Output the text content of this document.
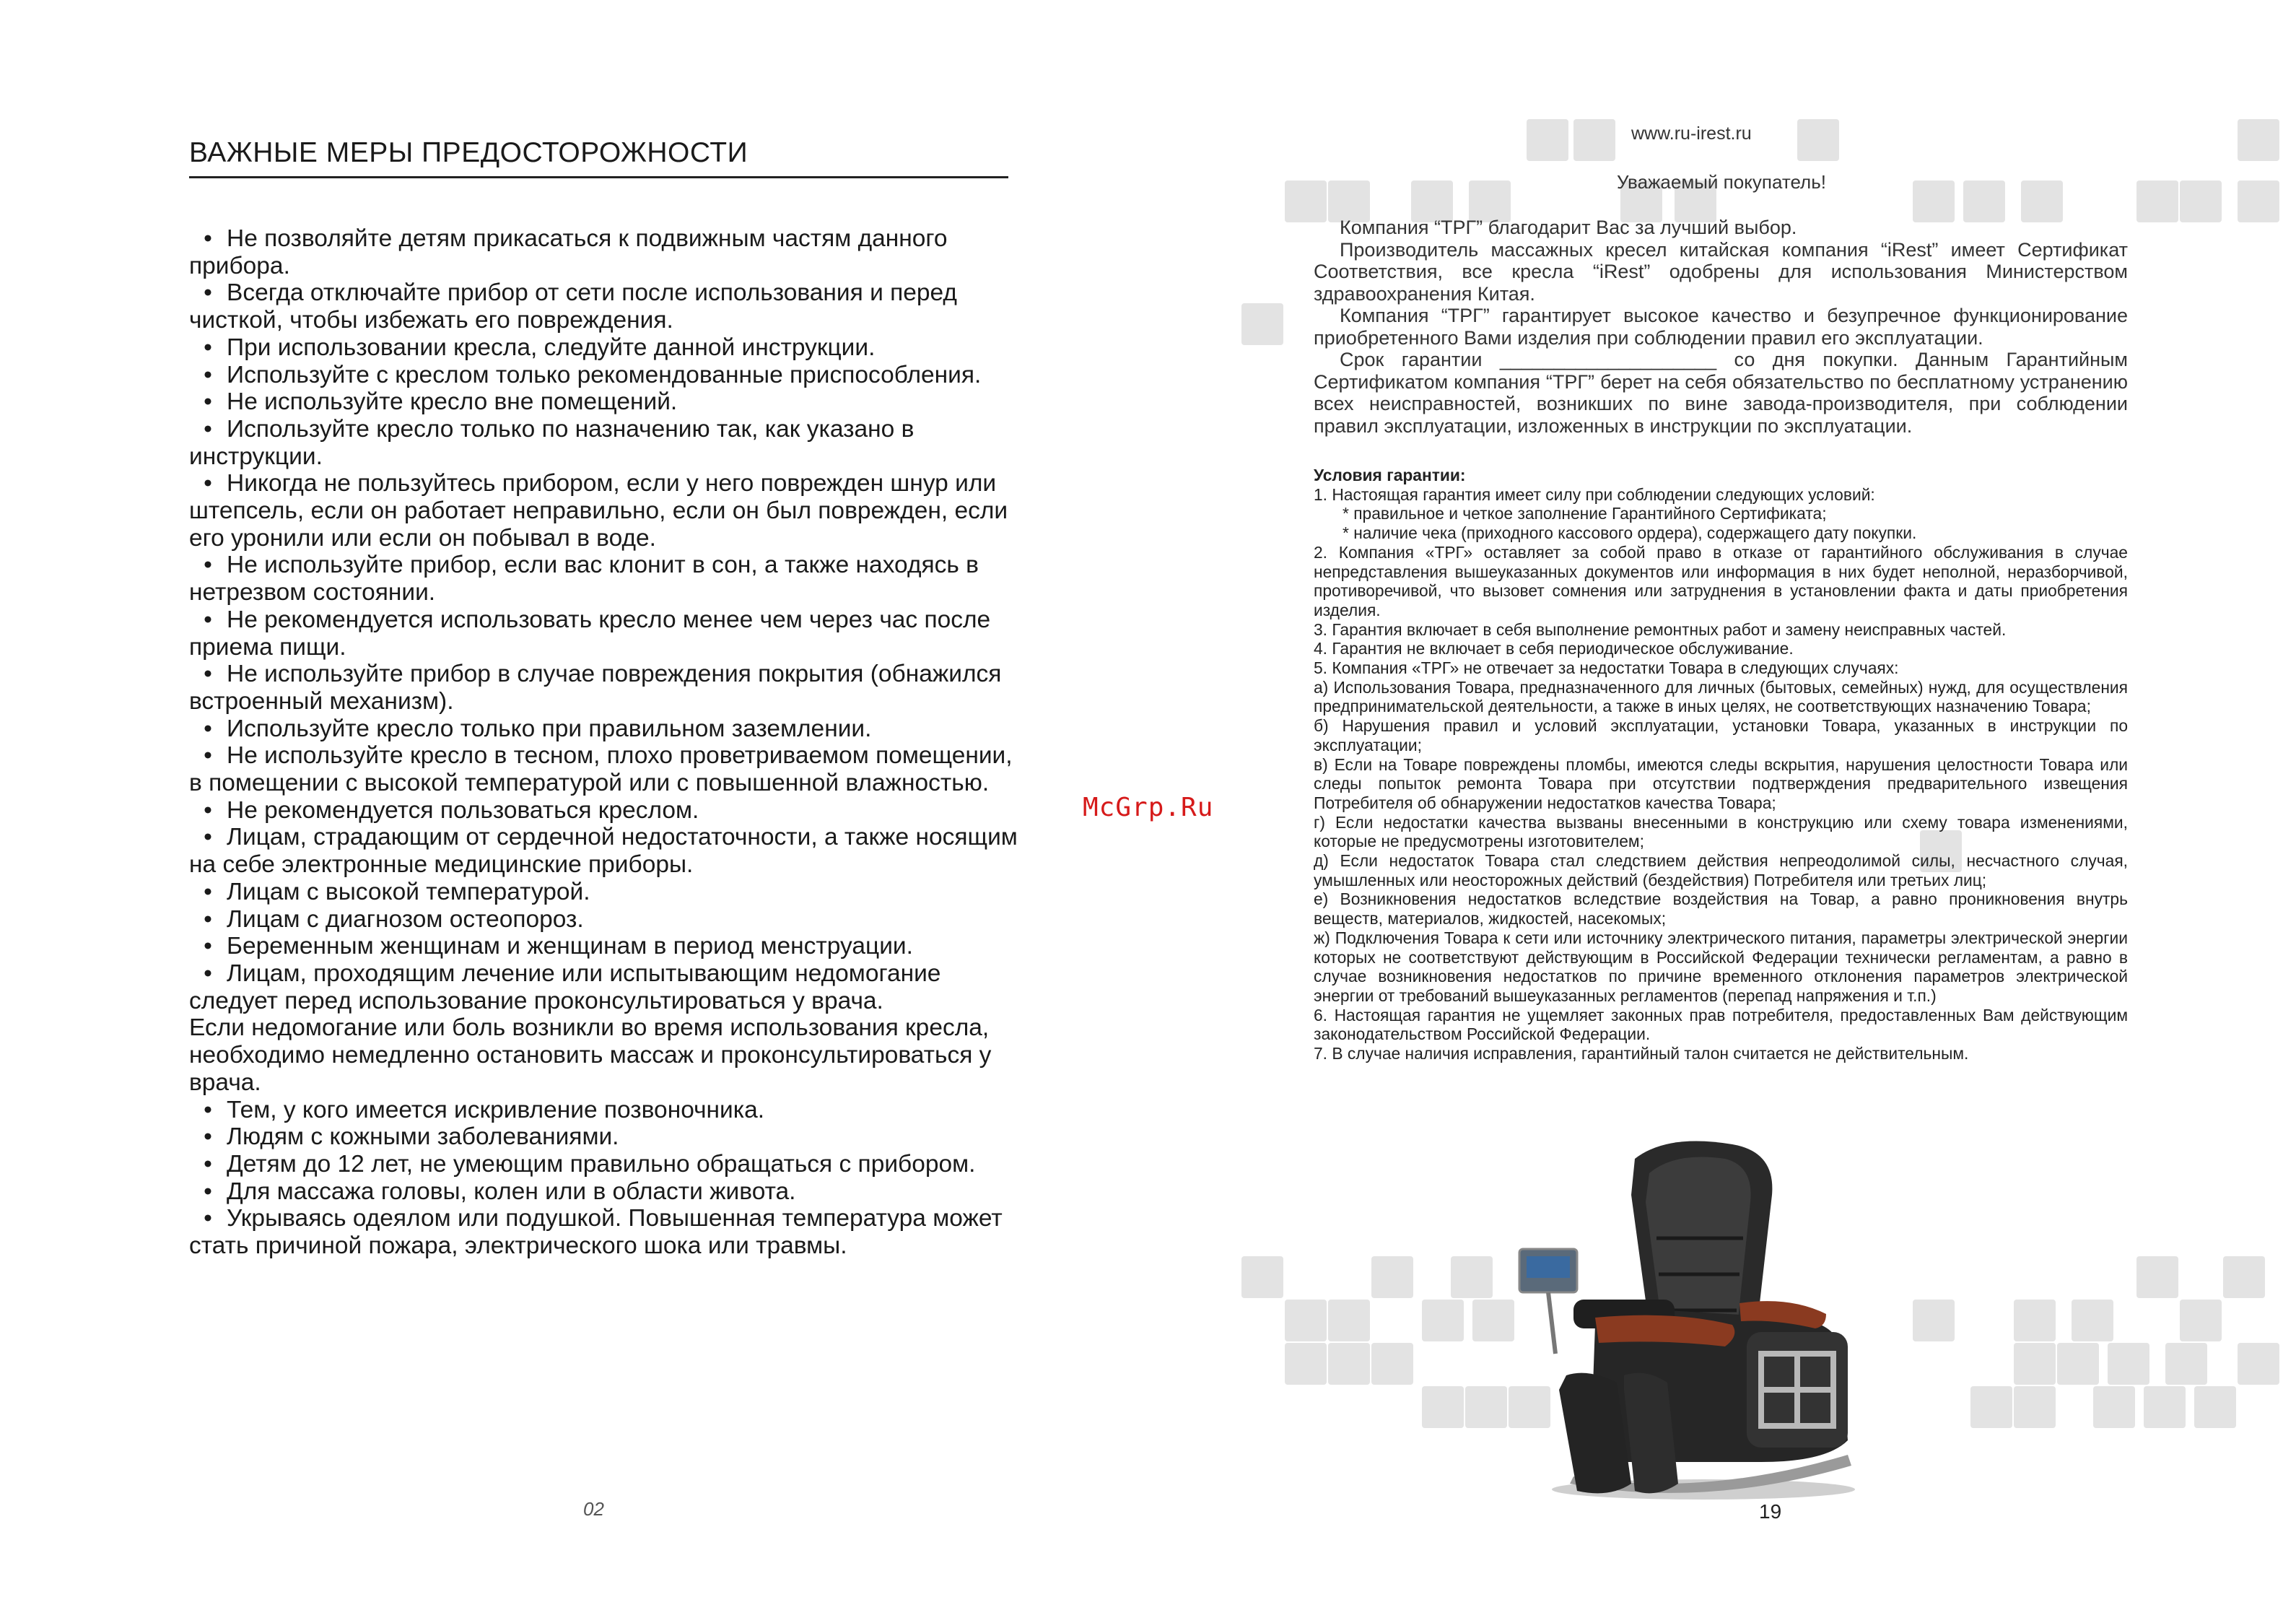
ВАЖНЫЕ МЕРЫ ПРЕДОСТОРОЖНОСТИ

• Не позволяйте детям прикасаться к подвижным частям данного прибора.

• Всегда отключайте прибор от сети после использования и перед чисткой, чтобы избежать его повреждения.

• При использовании кресла, следуйте данной инструкции.

• Используйте с креслом только рекомендованные приспособления.

• Не используйте кресло вне помещений.

• Используйте кресло только по назначению так, как указано в инструкции.

• Никогда не пользуйтесь прибором, если у него поврежден шнур или штепсель, если он работает неправильно, если он был поврежден, если его уронили или если он побывал в воде.

• Не используйте прибор, если вас клонит в сон, а также находясь в нетрезвом состоянии.

• Не рекомендуется использовать кресло менее чем через час после приема пищи.

• Не используйте прибор в случае повреждения покрытия (обнажился встроенный механизм).

• Используйте кресло только при правильном заземлении.

• Не используйте кресло в тесном, плохо проветриваемом помещении, в помещении с высокой температурой или с повышенной влажностью.

• Не рекомендуется пользоваться креслом.

• Лицам, страдающим от сердечной недостаточности, а также носящим на себе электронные медицинские приборы.

• Лицам с высокой температурой.

• Лицам с диагнозом остеопороз.

• Беременным женщинам и женщинам в период менструации.

• Лицам, проходящим лечение или испытывающим недомогание следует перед использование проконсультироваться у врача.

Если недомогание или боль возникли во время использования кресла, необходимо немедленно остановить массаж и проконсультироваться у врача.

• Тем, у кого имеется искривление позвоночника.

• Людям с кожными заболеваниями.

• Детям до 12 лет, не умеющим правильно обращаться с прибором.

• Для массажа головы, колен или в области живота.

• Укрываясь одеялом или подушкой. Повышенная температура может стать причиной пожара, электрического шока или травмы.

02
www.ru-irest.ru
Уважаемый покупатель!

Компания “ТРГ” благодарит Вас за лучший выбор.

Производитель массажных кресел китайская компания “iRest” имеет Сертификат Соответствия, все кресла “iRest” одобрены для использования Министерством здравоохранения Китая.

Компания “ТРГ” гарантирует высокое качество и безупречное функционирование приобретенного Вами изделия при соблюдении правил его эксплуатации.

Срок гарантии ____________________ со дня покупки. Данным Гарантийным Сертификатом компания “ТРГ” берет на себя обязательство по бесплатному устранению всех неисправностей, возникших по вине завода-производителя, при соблюдении правил эксплуатации, изложенных в инструкции по эксплуатации.

Условия гарантии:

1. Настоящая гарантия имеет силу при соблюдении следующих условий:

* правильное и четкое заполнение Гарантийного Сертификата;

* наличие чека (приходного кассового ордера), содержащего дату покупки.

2. Компания «ТРГ» оставляет за собой право в отказе от гарантийного обслуживания в случае непредставления вышеуказанных документов или информация в них будет неполной, неразборчивой, противоречивой, что вызовет сомнения или затруднения в установлении факта и даты приобретения изделия.

3. Гарантия включает в себя выполнение ремонтных работ и замену неисправных частей.

4. Гарантия не включает в себя периодическое обслуживание.

5. Компания «ТРГ» не отвечает за недостатки Товара в следующих случаях:

а) Использования Товара, предназначенного для личных (бытовых, семейных) нужд, для осуществления предпринимательской деятельности, а также в иных целях, не соответствующих назначению Товара;

б) Нарушения правил и условий эксплуатации, установки Товара, указанных в инструкции по эксплуатации;

в) Если на Товаре повреждены пломбы, имеются следы вскрытия, нарушения целостности Товара или следы попыток ремонта Товара при отсутствии подтверждения предварительного извещения Потребителя об обнаружении недостатков качества Товара;

г) Если недостатки качества вызваны внесенными в конструкцию или схему товара изменениями, которые не предусмотрены изготовителем;

д) Если недостаток Товара стал следствием действия непреодолимой силы, несчастного случая, умышленных или неосторожных действий (бездействия) Потребителя или третьих лиц;

е) Возникновения недостатков вследствие воздействия на Товар, а равно проникновения внутрь веществ, материалов, жидкостей, насекомых;

ж) Подключения Товара к сети или источнику электрического питания, параметры электрической энергии которых не соответствуют действующим в Российской Федерации технически регламентам, а равно в случае возникновения недостатков по причине временного отклонения параметров электрической энергии от требований вышеуказанных регламентов (перепад напряжения и т.п.)

6. Настоящая гарантия не ущемляет законных прав потребителя, предоставленных Вам действующим законодательством Российской Федерации.

7. В случае наличия исправления, гарантийный талон считается не действительным.

19
McGrp.Ru
